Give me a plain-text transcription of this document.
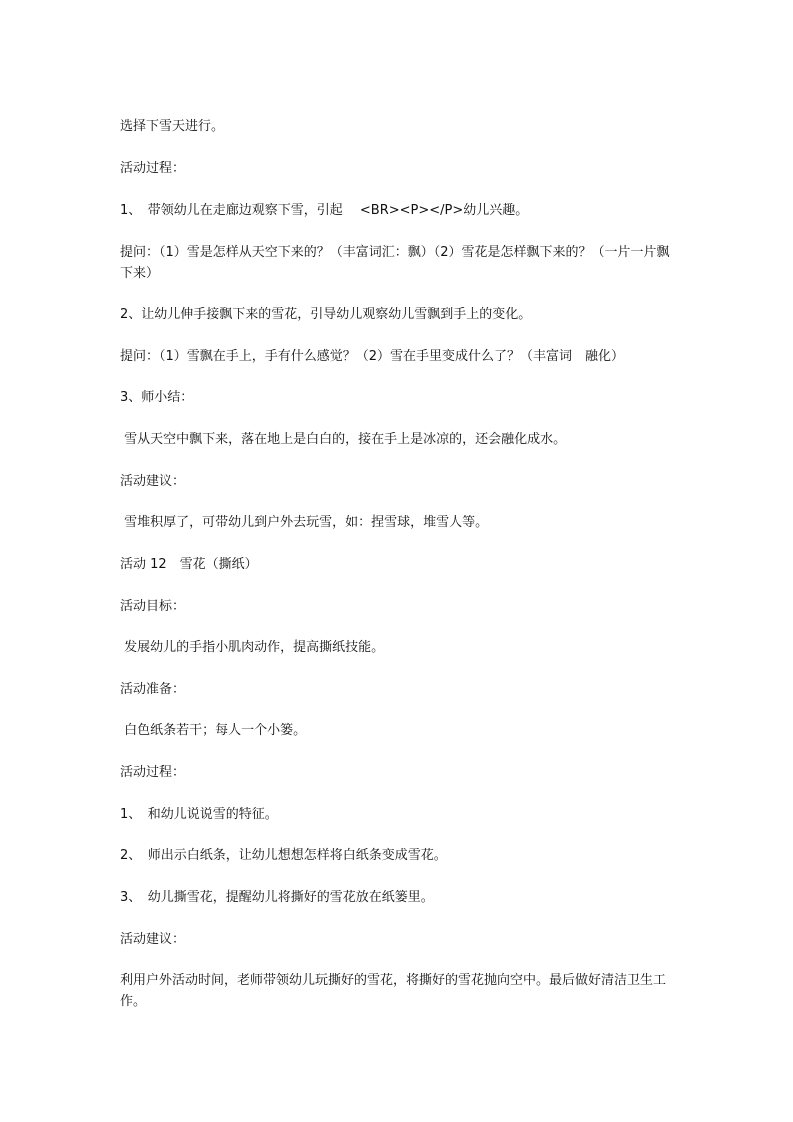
选择下雪天进行。

活动过程：

1、　带领幼儿在走廊边观察下雪，引起　 <BR><P></P>幼儿兴趣。

提问：（1）雪是怎样从天空下来的？（丰富词汇：飘）（2）雪花是怎样飘下来的？（一片一片飘下来）

2、让幼儿伸手接飘下来的雪花，引导幼儿观察幼儿雪飘到手上的变化。

提问：（1）雪飘在手上，手有什么感觉？（2）雪在手里变成什么了？（丰富词　融化）

3、师小结：

雪从天空中飘下来，落在地上是白白的，接在手上是冰凉的，还会融化成水。

活动建议：

雪堆积厚了，可带幼儿到户外去玩雪，如：捏雪球，堆雪人等。

活动 12　雪花（撕纸）

活动目标：

发展幼儿的手指小肌肉动作，提高撕纸技能。

活动准备：

白色纸条若干；每人一个小篓。

活动过程：

1、　和幼儿说说雪的特征。

2、　师出示白纸条，让幼儿想想怎样将白纸条变成雪花。

3、　幼儿撕雪花，提醒幼儿将撕好的雪花放在纸篓里。

活动建议：

利用户外活动时间，老师带领幼儿玩撕好的雪花，将撕好的雪花抛向空中。最后做好清洁卫生工作。
